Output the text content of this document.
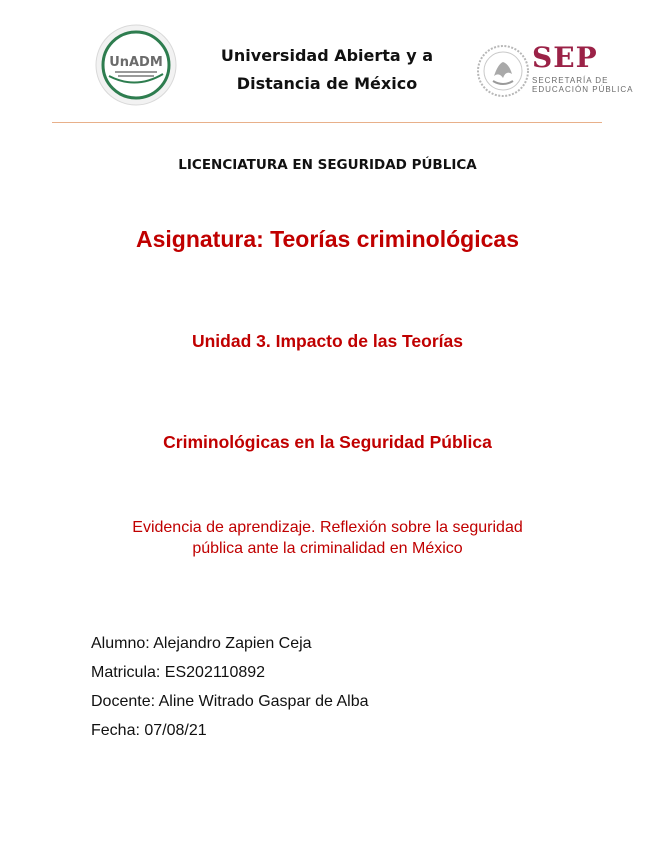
UnADM	Universidad Abierta y a
Distancia de México
SEP
SECRETARÍA DE
EDUCACIÓN PÚBLICA
LICENCIATURA EN SEGURIDAD PÚBLICA
Asignatura: Teorías criminológicas
Unidad 3. Impacto de las Teorías
Criminológicas en la Seguridad Pública
Evidencia de aprendizaje. Reflexión sobre la seguridad
pública ante la criminalidad en México
Alumno: Alejandro Zapien Ceja
Matricula: ES202110892
Docente: Aline Witrado Gaspar de Alba
Fecha: 07/08/21
